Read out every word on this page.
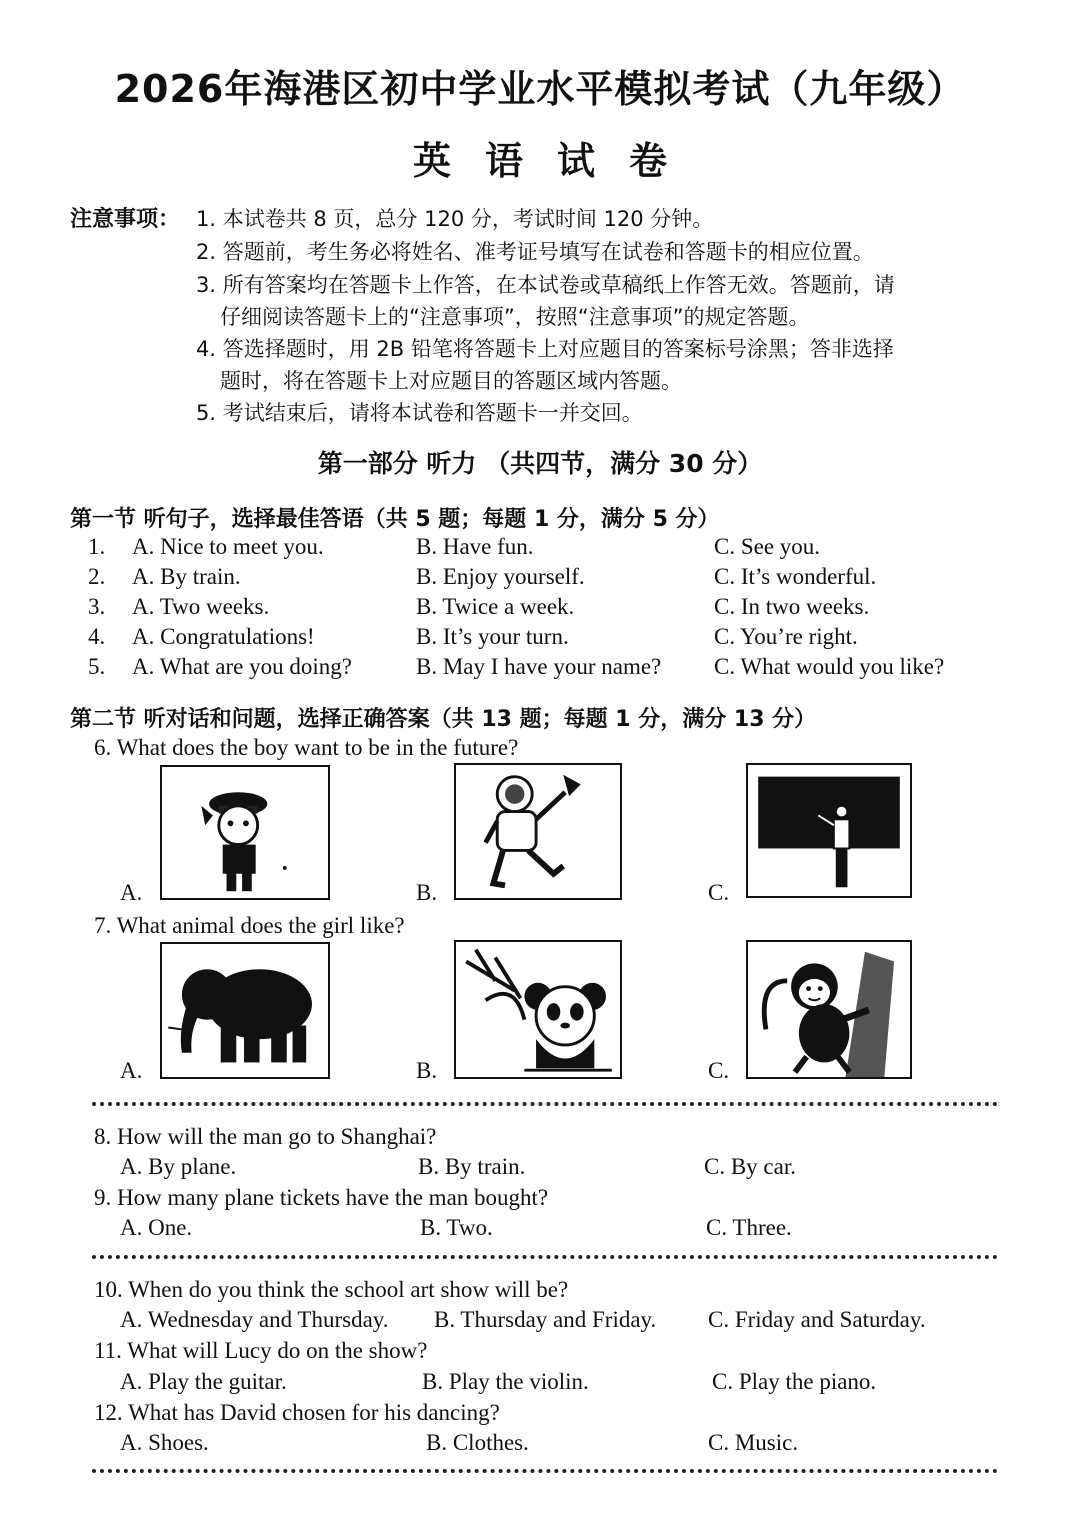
2026年海港区初中学业水平模拟考试（九年级）
英语试卷
注意事项： 1. 本试卷共 8 页，总分 120 分，考试时间 120 分钟。
2. 答题前，考生务必将姓名、准考证号填写在试卷和答题卡的相应位置。
3. 所有答案均在答题卡上作答，在本试卷或草稿纸上作答无效。答题前，请
仔细阅读答题卡上的“注意事项”，按照“注意事项”的规定答题。
4. 答选择题时，用 2B 铅笔将答题卡上对应题目的答案标号涂黑；答非选择
题时，将在答题卡上对应题目的答题区域内答题。
5. 考试结束后，请将本试卷和答题卡一并交回。
第一部分 听力 （共四节，满分 30 分）
第一节 听句子，选择最佳答语（共 5 题；每题 1 分，满分 5 分）
1. A. Nice to meet you.	B. Have fun.	C. See you.
2. A. By train.	B. Enjoy yourself.	C. It’s wonderful.
3. A. Two weeks.	B. Twice a week.	C. In two weeks.
4. A. Congratulations!	B. It’s your turn.	C. You’re right.
5. A. What are you doing?	B. May I have your name? C. What would you like?
第二节 听对话和问题，选择正确答案（共 13 题；每题 1 分，满分 13 分）
6. What does the boy want to be in the future?
A.	B.	C.
7. What animal does the girl like?
A.	B.	C.
8. How will the man go to Shanghai?
A. By plane.	B. By train.	C. By car.
9. How many plane tickets have the man bought?
A. One.	B. Two.	C. Three.
10. When do you think the school art show will be?
A. Wednesday and Thursday. B. Thursday and Friday. C. Friday and Saturday.
11. What will Lucy do on the show?
A. Play the guitar.	B. Play the violin.	C. Play the piano.
12. What has David chosen for his dancing?
A. Shoes.	B. Clothes.	C. Music.
